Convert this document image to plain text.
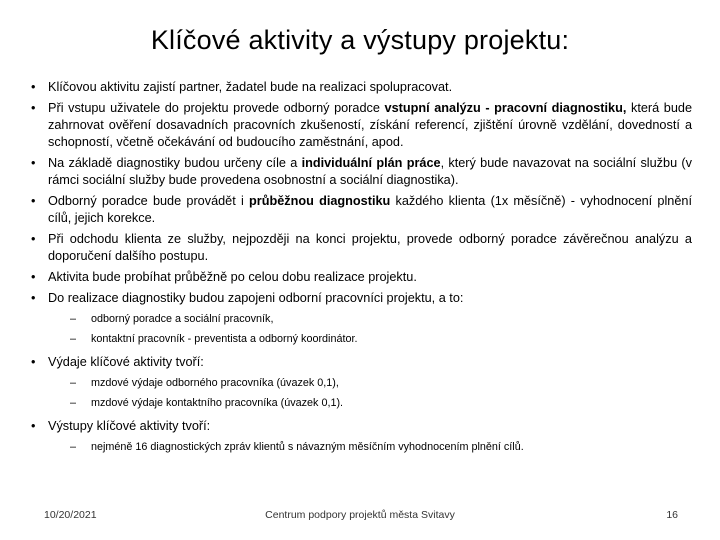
Klíčové aktivity a výstupy projektu:
• Klíčovou aktivitu zajistí partner, žadatel bude na realizaci spolupracovat.
• Při vstupu uživatele do projektu provede odborný poradce vstupní analýzu - pracovní diagnostiku, která bude zahrnovat ověření dosavadních pracovních zkušeností, získání referencí, zjištění úrovně vzdělání, dovedností a schopností, včetně očekávání od budoucího zaměstnání, apod.
• Na základě diagnostiky budou určeny cíle a individuální plán práce, který bude navazovat na sociální službu (v rámci sociální služby bude provedena osobnostní a sociální diagnostika).
• Odborný poradce bude provádět i průběžnou diagnostiku každého klienta (1x měsíčně) - vyhodnocení plnění cílů, jejich korekce.
• Při odchodu klienta ze služby, nejpozději na konci projektu, provede odborný poradce závěrečnou analýzu a doporučení dalšího postupu.
• Aktivita bude probíhat průběžně po celou dobu realizace projektu.
• Do realizace diagnostiky budou zapojeni odborní pracovníci projektu, a to:
– odborný poradce a sociální pracovník,
– kontaktní pracovník - preventista a odborný koordinátor.
• Výdaje klíčové aktivity tvoří:
– mzdové výdaje odborného pracovníka (úvazek 0,1),
– mzdové výdaje kontaktního pracovníka (úvazek 0,1).
• Výstupy klíčové aktivity tvoří:
– nejméně 16 diagnostických zpráv klientů s návazným měsíčním vyhodnocením plnění cílů.
10/20/2021	Centrum podpory projektů města Svitavy	16
